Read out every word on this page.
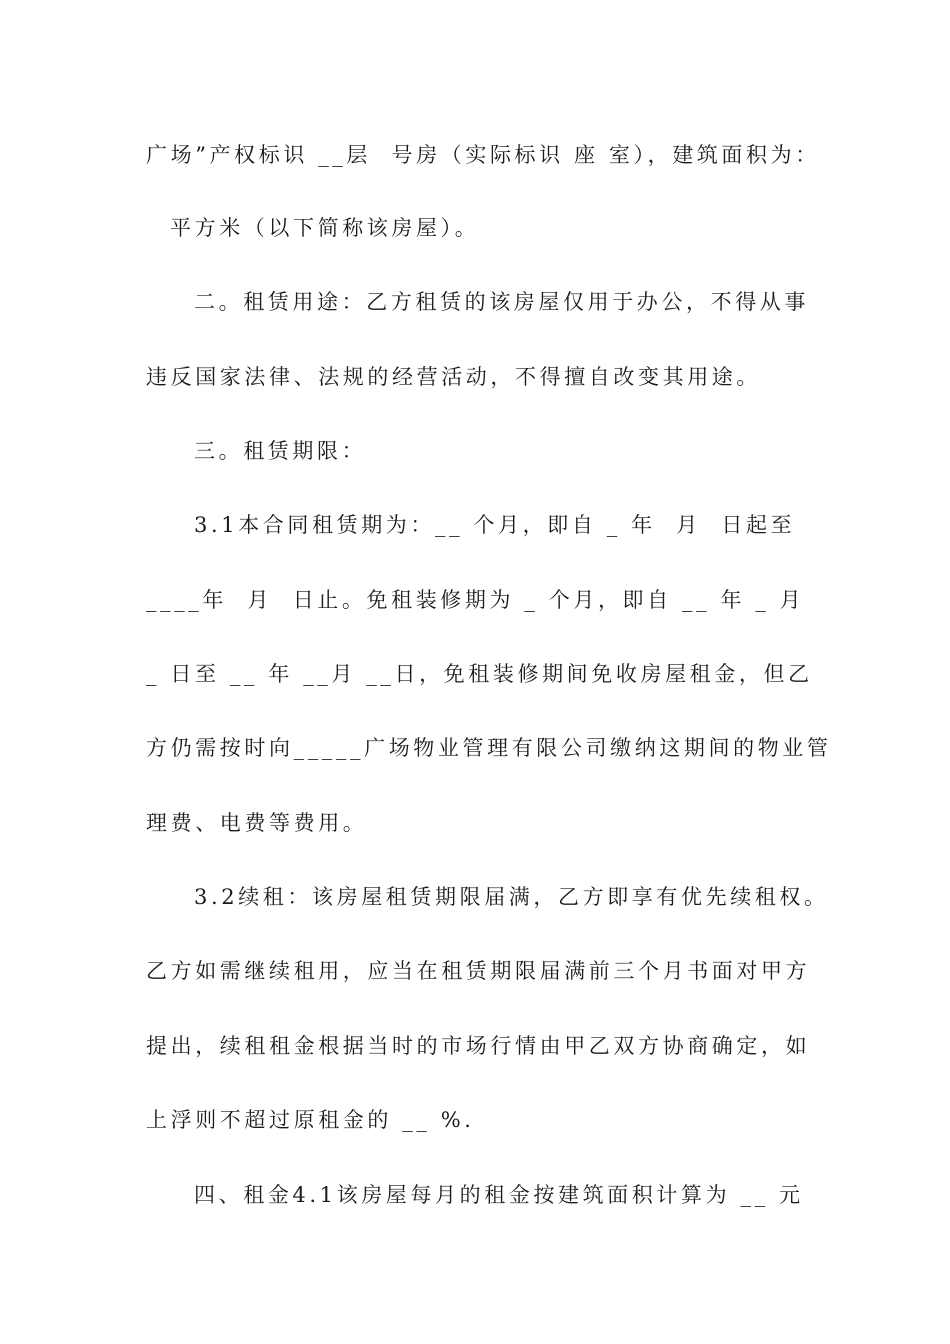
广场”产权标识 __层  号房（实际标识 座 室），建筑面积为：
平方米（以下简称该房屋）。
二。租赁用途：乙方租赁的该房屋仅用于办公，不得从事
违反国家法律、法规的经营活动，不得擅自改变其用途。
三。租赁期限：
3.1本合同租赁期为：__ 个月，即自 _ 年  月  日起至
____年  月  日止。免租装修期为 _ 个月，即自 __ 年 _ 月
_ 日至 __ 年 __月 __日，免租装修期间免收房屋租金，但乙
方仍需按时向_____广场物业管理有限公司缴纳这期间的物业管
理费、电费等费用。
3.2续租：该房屋租赁期限届满，乙方即享有优先续租权。
乙方如需继续租用，应当在租赁期限届满前三个月书面对甲方
提出，续租租金根据当时的市场行情由甲乙双方协商确定，如
上浮则不超过原租金的 __ %.
四、租金4.1该房屋每月的租金按建筑面积计算为 __ 元
